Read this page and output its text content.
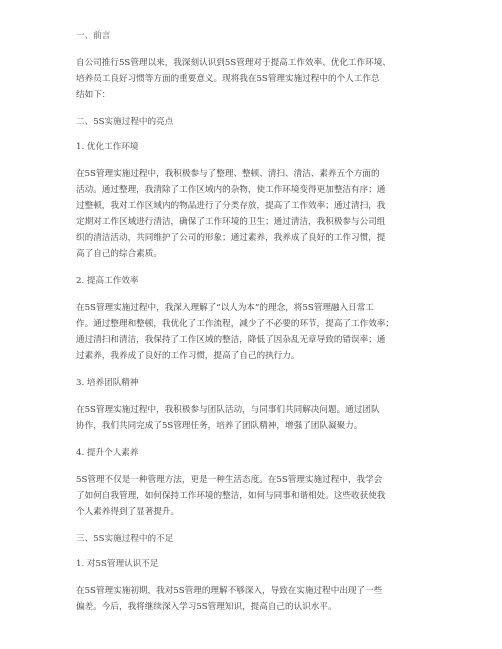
一、前言
自公司推行5S管理以来，我深刻认识到5S管理对于提高工作效率、优化工作环境、
培养员工良好习惯等方面的重要意义。现将我在5S管理实施过程中的个人工作总
结如下：
二、5S实施过程中的亮点
1. 优化工作环境
在5S管理实施过程中，我积极参与了整理、整顿、清扫、清洁、素养五个方面的
活动。通过整理，我清除了工作区域内的杂物，使工作环境变得更加整洁有序；通
过整顿，我对工作区域内的物品进行了分类存放，提高了工作效率；通过清扫，我
定期对工作区域进行清洁，确保了工作环境的卫生；通过清洁，我积极参与公司组
织的清洁活动，共同维护了公司的形象；通过素养，我养成了良好的工作习惯，提
高了自己的综合素质。
2. 提高工作效率
在5S管理实施过程中，我深入理解了“以人为本”的理念，将5S管理融入日常工
作。通过整理和整顿，我优化了工作流程，减少了不必要的环节，提高了工作效率；
通过清扫和清洁，我保持了工作区域的整洁，降低了因杂乱无章导致的错误率；通
过素养，我养成了良好的工作习惯，提高了自己的执行力。
3. 培养团队精神
在5S管理实施过程中，我积极参与团队活动，与同事们共同解决问题。通过团队
协作，我们共同完成了5S管理任务，培养了团队精神，增强了团队凝聚力。
4. 提升个人素养
5S管理不仅是一种管理方法，更是一种生活态度。在5S管理实施过程中，我学会
了如何自我管理，如何保持工作环境的整洁，如何与同事和谐相处。这些收获使我
个人素养得到了显著提升。
三、5S实施过程中的不足
1. 对5S管理认识不足
在5S管理实施初期，我对5S管理的理解不够深入，导致在实施过程中出现了一些
偏差。今后，我将继续深入学习5S管理知识，提高自己的认识水平。
